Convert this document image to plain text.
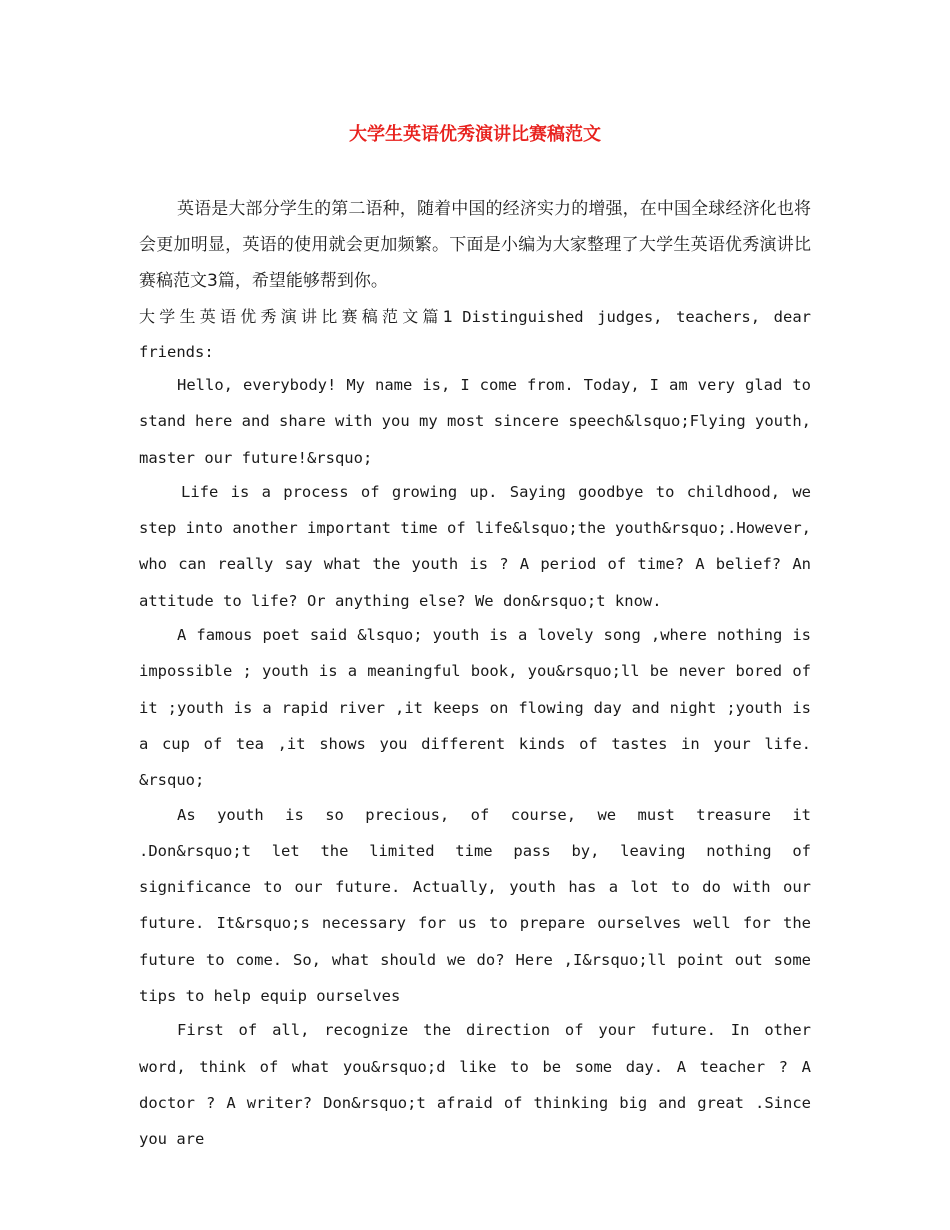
大学生英语优秀演讲比赛稿范文

英语是大部分学生的第二语种，随着中国的经济实力的增强，在中国全球经济化也将会更加明显，英语的使用就会更加频繁。下面是小编为大家整理了大学生英语优秀演讲比赛稿范文3篇，希望能够帮到你。

大学生英语优秀演讲比赛稿范文篇1 Distinguished judges, teachers, dear

friends:

Hello, everybody! My name is, I come from. Today, I am very glad to stand here and share with you my most sincere speech&lsquo;Flying youth, master our future!&rsquo;

Life is a process of growing up. Saying goodbye to childhood, we step into another important time of life&lsquo;the youth&rsquo;.However, who can really say what the youth is ? A period of time? A belief? An attitude to life? Or anything else? We don&rsquo;t know.

A famous poet said &lsquo; youth is a lovely song ,where nothing is impossible ; youth is a meaningful book, you&rsquo;ll be never bored of it ;youth is a rapid river ,it keeps on flowing day and night ;youth is a cup of tea ,it shows you different kinds of tastes in your life. &rsquo;

As youth is so precious, of course, we must treasure it .Don&rsquo;t let the limited time pass by, leaving nothing of significance to our future. Actually, youth has a lot to do with our future. It&rsquo;s necessary for us to prepare ourselves well for the future to come. So, what should we do? Here ,I&rsquo;ll point out some tips to help equip ourselves

First of all, recognize the direction of your future. In other word, think of what you&rsquo;d like to be some day. A teacher ? A doctor ? A writer? Don&rsquo;t afraid of thinking big and great .Since you are
